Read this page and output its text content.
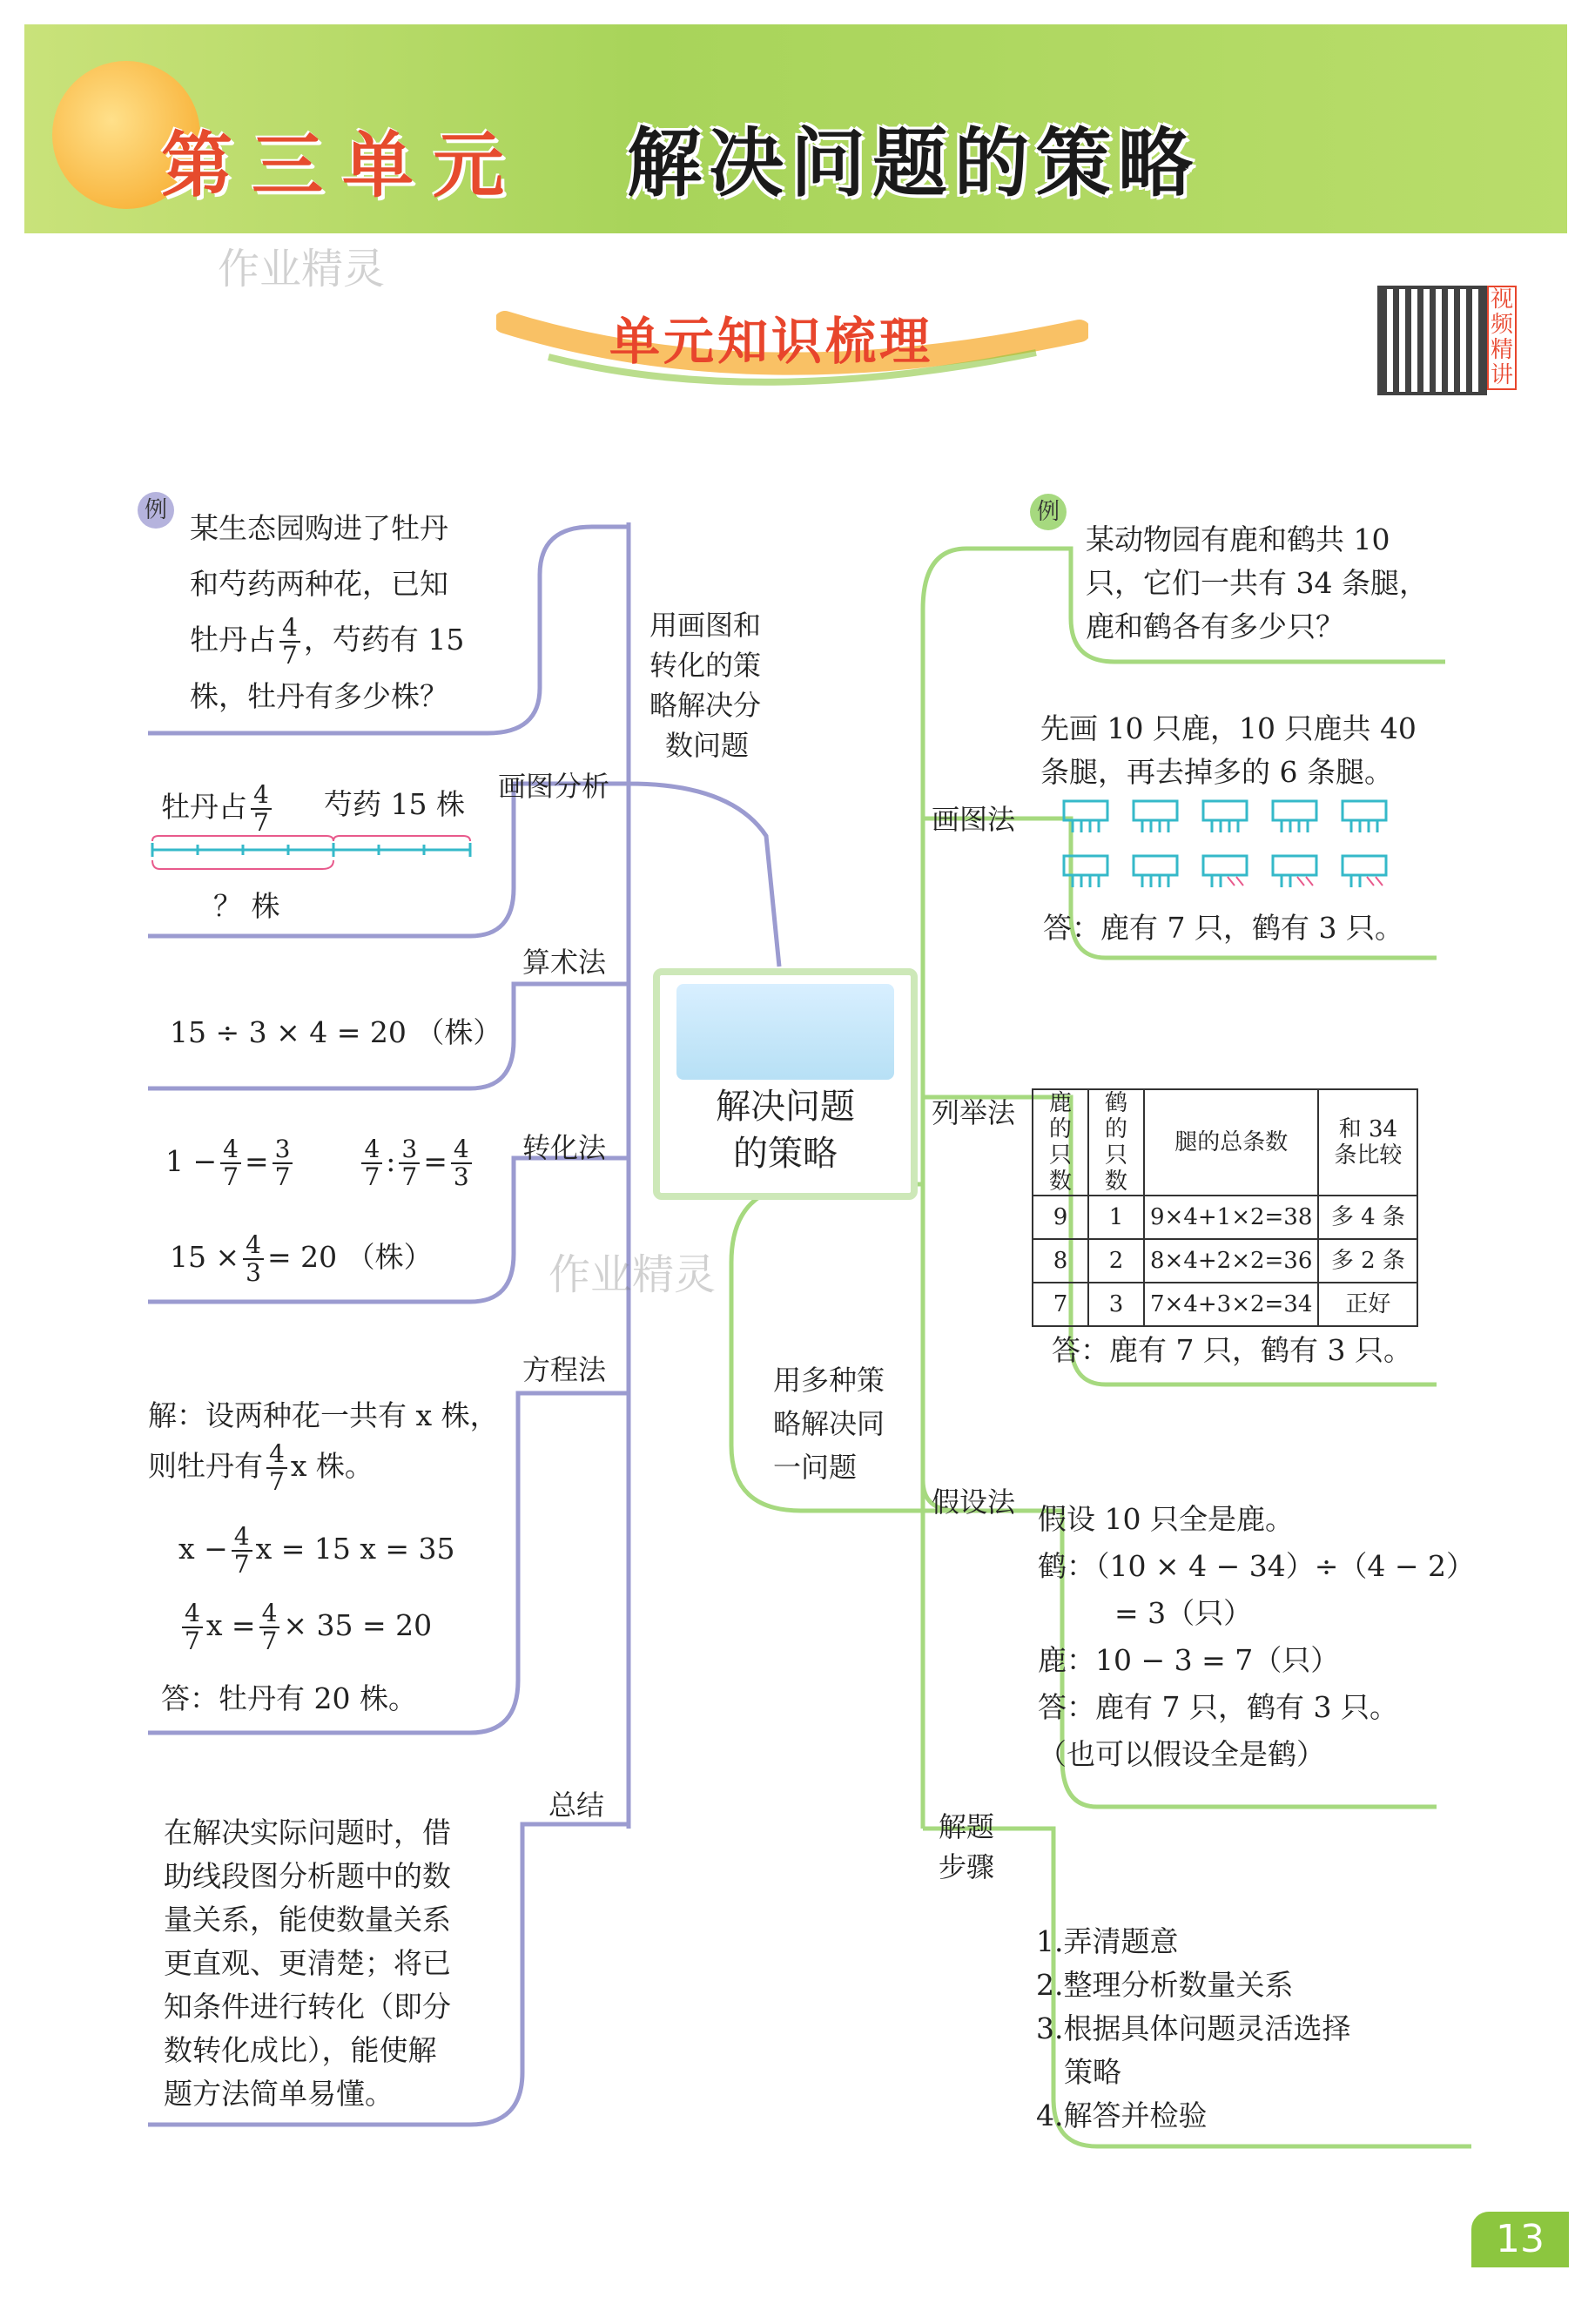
第三单元 解决问题的策略
作业精灵
单元知识梳理
视频精讲
解决问题
的策略
用画图和
转化的策
略解决分
数问题
例
某生态园购进了牡丹
和芍药两种花，已知
牡丹占 $\frac{4}{7}$ ，芍药有 15
株，牡丹有多少株？
画图分析
牡丹占 $\frac{4}{7}$ 芍药 15 株
？ 株
算术法
15 ÷ 3 × 4 = 20 （株）
转化法
$1 - \frac{4}{7} = \frac{3}{7}$
	$\frac{4}{7}$ : $\frac{3}{7} = \frac{4}{3}$
$15 \times \frac{4}{3} = 20$ （株）	作业精灵
方程法
解：设两种花一共有 x 株，
则牡丹有 $\frac{4}{7}$ x 株。
$x - \frac{4}{7}$ x = 15 x = 35
$\frac{4}{7}$ $x = \frac{4}{7} \times 35 = 20$
答：牡丹有 20 株。
总结
在解决实际问题时，借
助线段图分析题中的数
量关系，能使数量关系
更直观、更清楚；将已
知条件进行转化（即分
数转化成比），能使解
题方法简单易懂。
用多种策
略解决同
一问题
例
某动物园有鹿和鹤共 10
只，它们一共有 34 条腿，
鹿和鹤各有多少只？
先画 10 只鹿，10 只鹿共 40
条腿，再去掉多的 6 条腿。
画图法
答：鹿有 7 只，鹤有 3 只。
列举法 鹿的只数	鹤的只数	腿的总条数	和 34 条比较
9	1	9×4+1×2=38	多 4 条
8	2	8×4+2×2=36	多 2 条
7	3	7×4+3×2=34	正好
答：鹿有 7 只，鹤有 3 只。
假设法 假设 10 只全是鹿。
鹤：（10 × 4 − 34）÷（4 − 2）
= 3（只）
鹿：10 − 3 = 7（只）
答：鹿有 7 只，鹤有 3 只。
（也可以假设全是鹤）
解题
步骤
1.弄清题意
2.整理分析数量关系
3.根据具体问题灵活选择
策略
4.解答并检验
13
